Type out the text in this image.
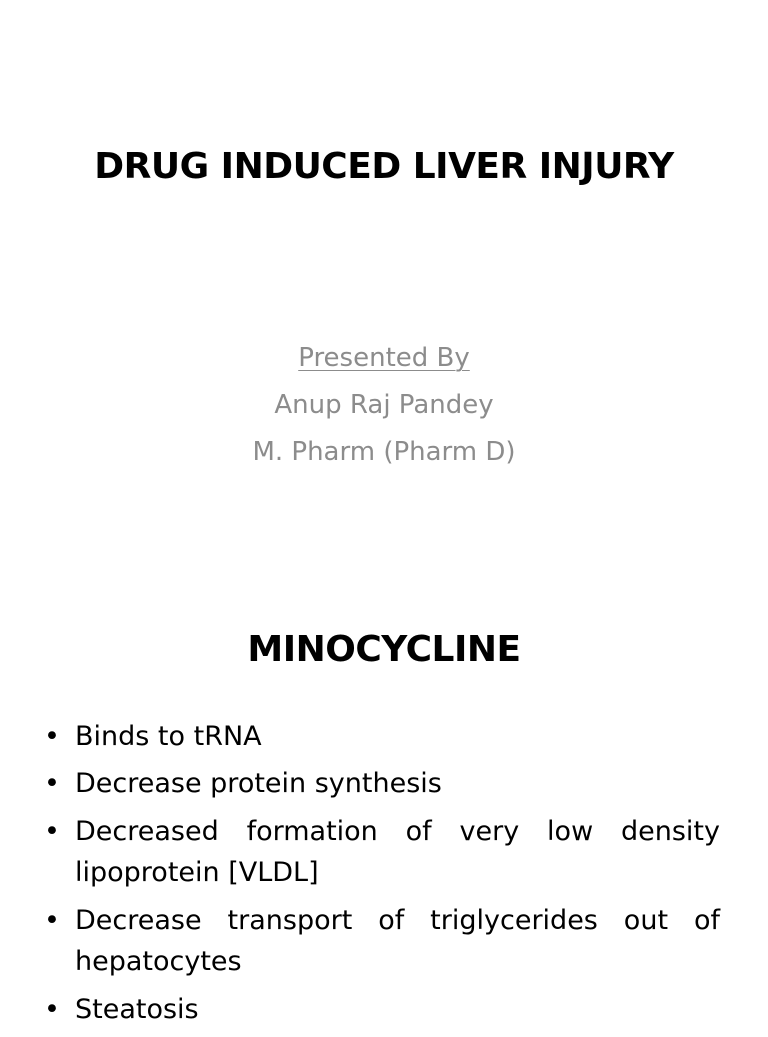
DRUG INDUCED LIVER INJURY
Presented By
Anup Raj Pandey
M. Pharm (Pharm D)
MINOCYCLINE
• Binds to tRNA
• Decrease protein synthesis
• Decreased formation of very low density lipoprotein [VLDL]
• Decrease transport of triglycerides out of hepatocytes
• Steatosis
